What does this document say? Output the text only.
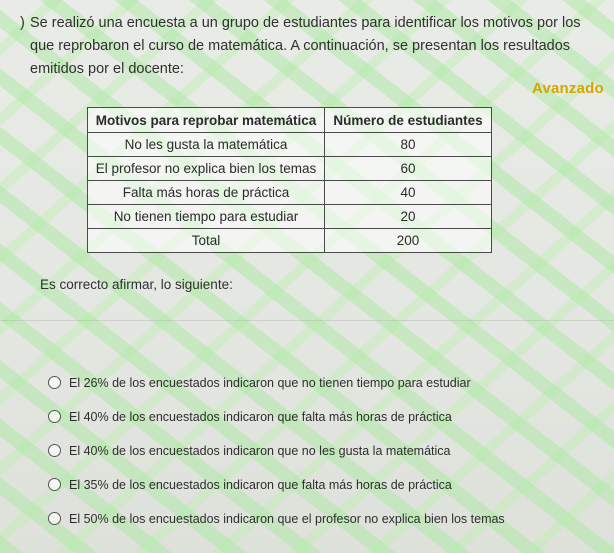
) Se realizó una encuesta a un grupo de estudiantes para identificar los motivos por los que reprobaron el curso de matemática. A continuación, se presentan los resultados emitidos por el docente:
Avanzado
Motivos para reprobar matemática	Número de estudiantes
No les gusta la matemática	80
El profesor no explica bien los temas	60
Falta más horas de práctica	40
No tienen tiempo para estudiar	20
Total	200
Es correcto afirmar, lo siguiente:
El 26% de los encuestados indicaron que no tienen tiempo para estudiar
El 40% de los encuestados indicaron que falta más horas de práctica
El 40% de los encuestados indicaron que no les gusta la matemática
El 35% de los encuestados indicaron que falta más horas de práctica
El 50% de los encuestados indicaron que el profesor no explica bien los temas
